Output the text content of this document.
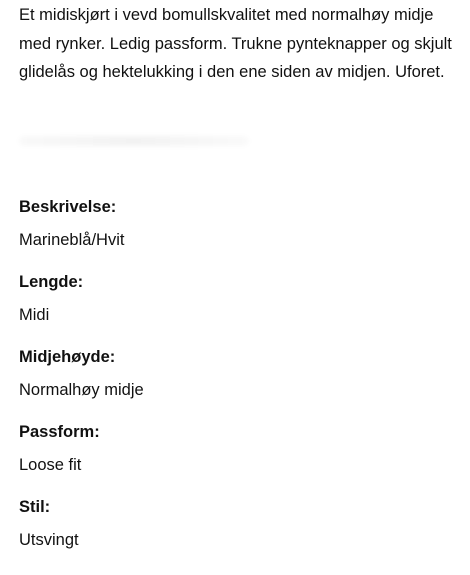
Et midiskjørt i vevd bomullskvalitet med normalhøy midje med rynker. Ledig passform. Trukne pynteknapper og skjult glidelås og hektelukking i den ene siden av midjen. Uforet.

Beskrivelse:
Marineblå/Hvit
Lengde:
Midi
Midjehøyde:
Normalhøy midje
Passform:
Loose fit
Stil:
Utsvingt
